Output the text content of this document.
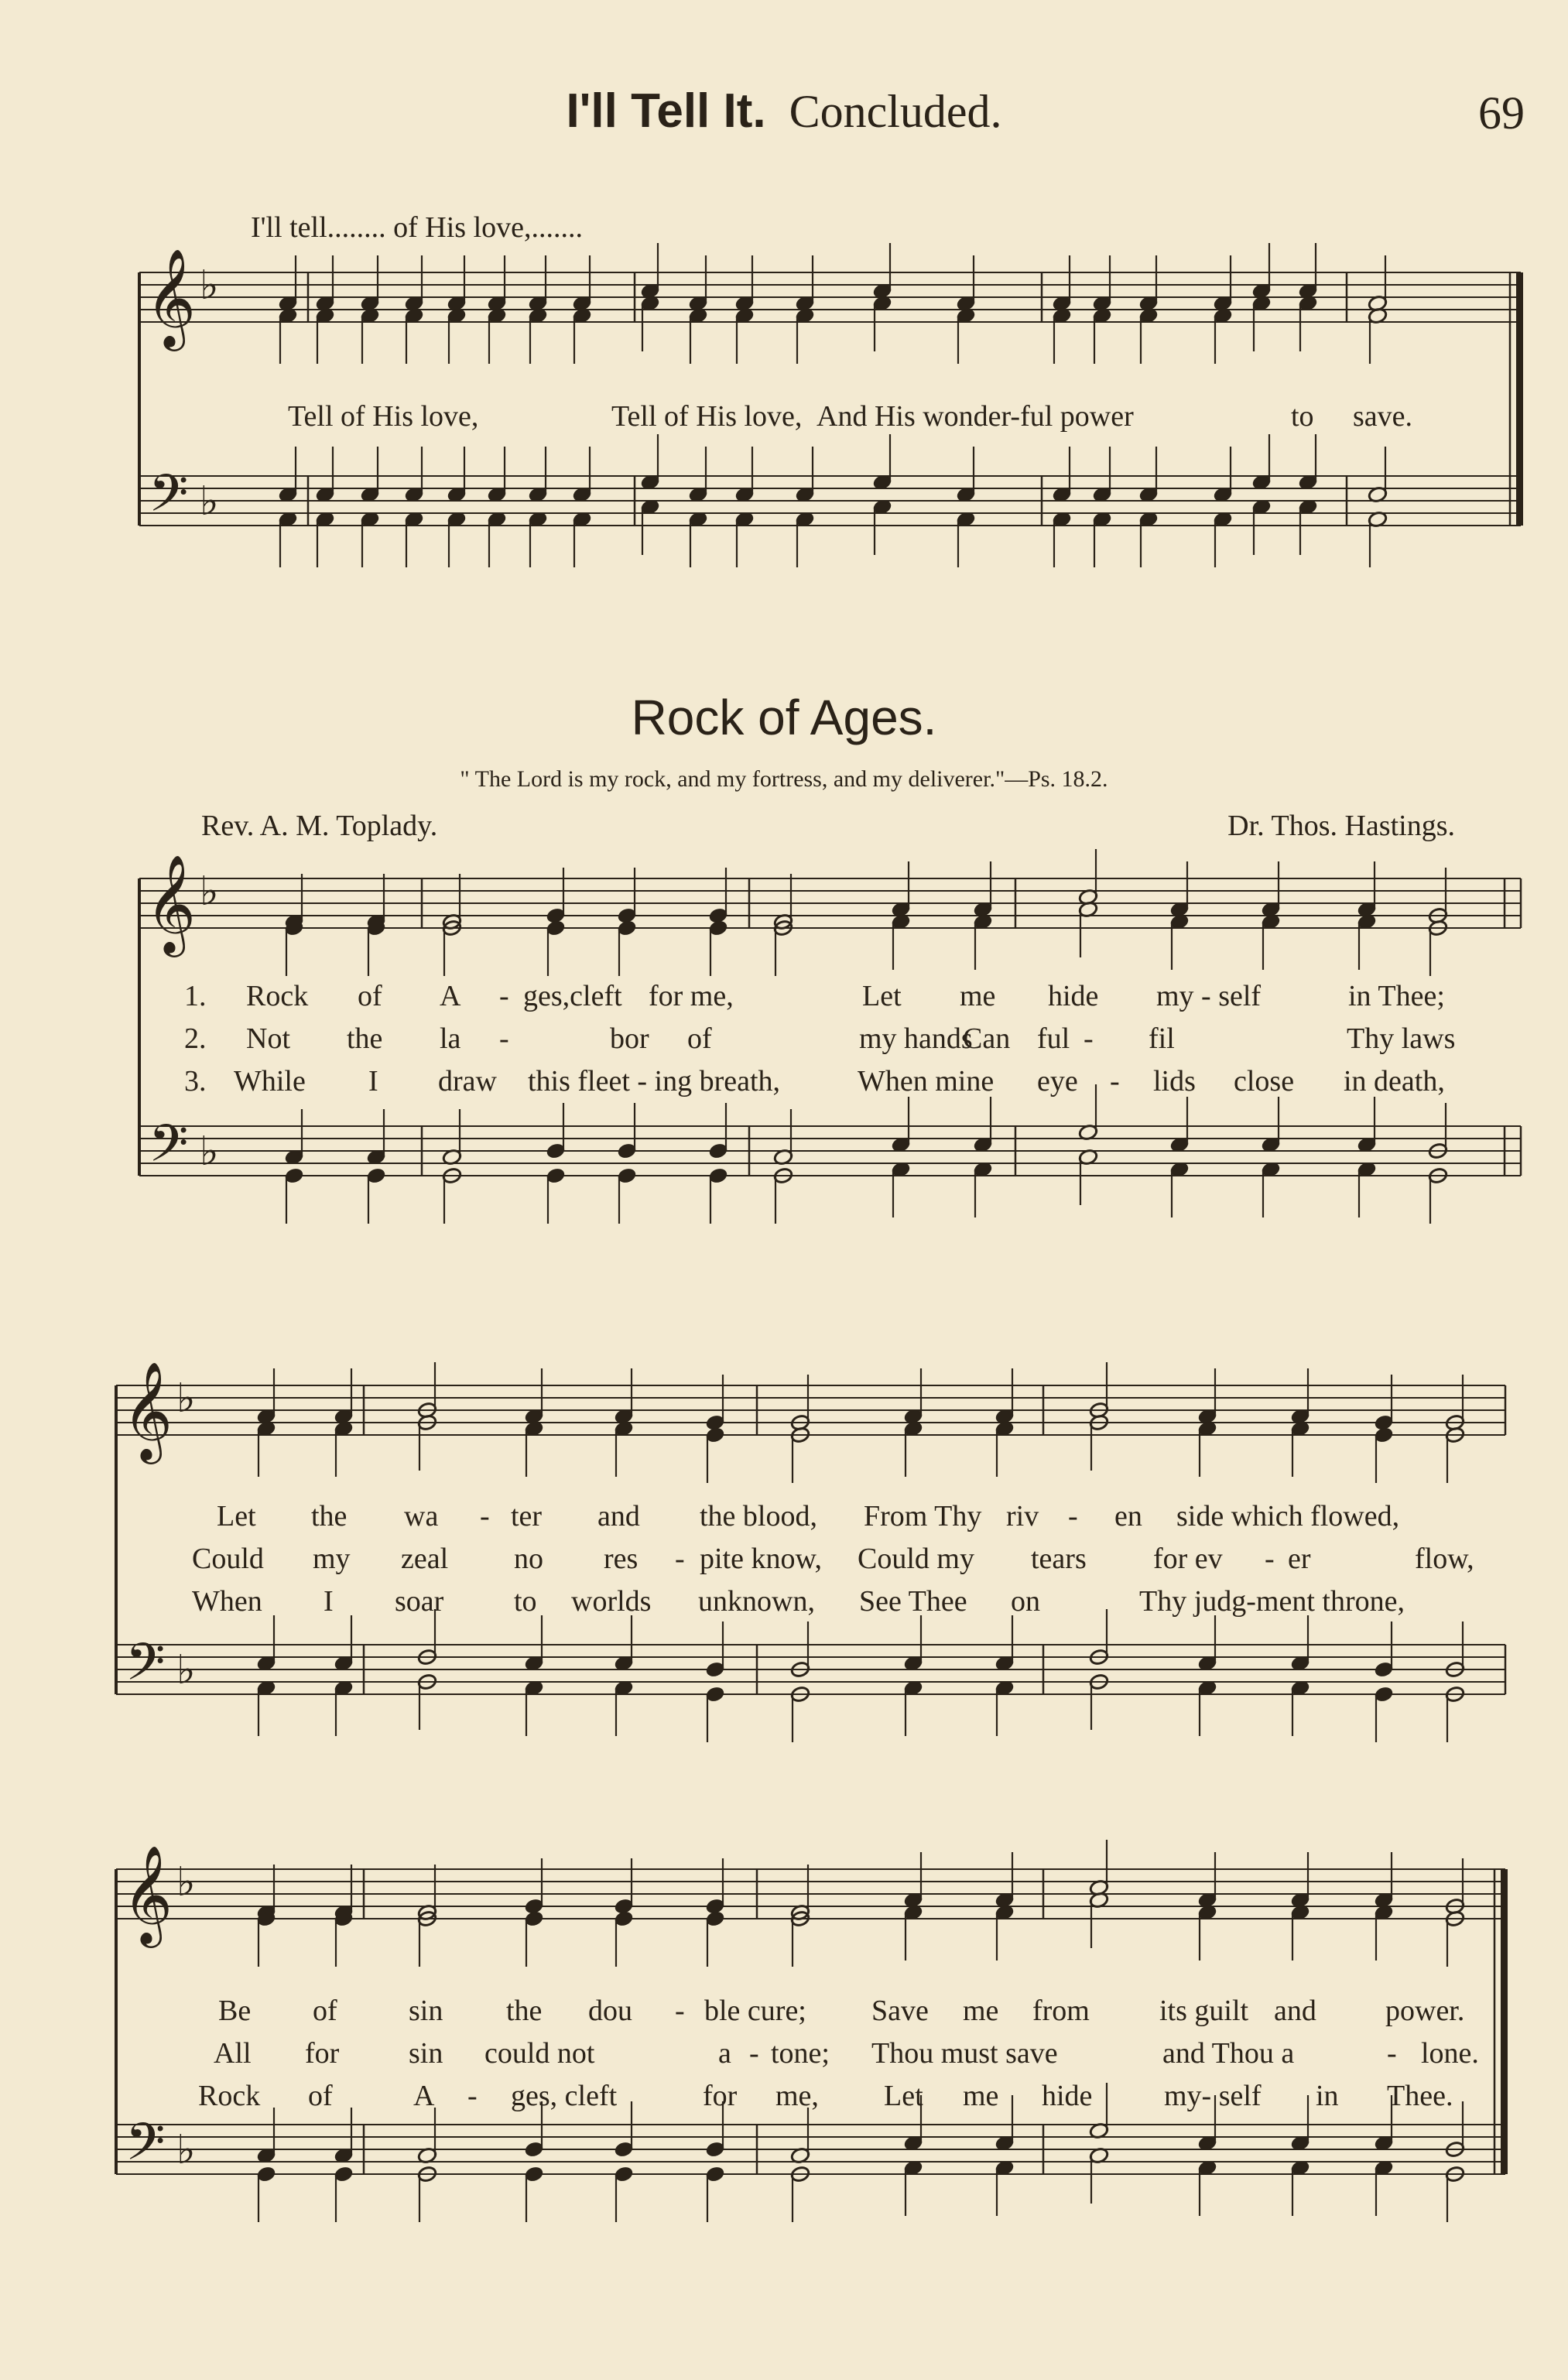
I'll Tell It. Concluded.	69
I'll tell........ of His love,.......
Tell of His love,	Tell of His love, And His wonder-ful power	to save.
Rock of Ages.
" The Lord is my rock, and my fortress, and my deliverer."—Ps. 18.2.
Rev. A. M. Toplady.	Dr. Thos. Hastings.
1. Rock of A - ges,cleft for me,	Let me hide my - self	in Thee;
2. Not the la -	bor of	my hands
Can ful - fil	Thy laws
3. While I draw this fleet - ing breath,	When mine eye - lids close in death,
Let the wa - ter and the blood, From Thy riv - en side which flowed,
Could my zeal no res - pite know, Could my tears for ev - er	flow,
When I soar to worlds unknown, See Thee on	Thy judg-ment throne,
Be of sin the dou - ble cure; Save me from its guilt and power.
All for sin could not	a - tone; Thou must save	and Thou a	- lone.
Rock of	A - ges, cleft	for me, Let me hide my- self in Thee.
𝄞
𝄢
♭
♭
𝄞
𝄢
♭
♭
𝄞
𝄢
♭
♭
𝄞
𝄢
♭
♭
